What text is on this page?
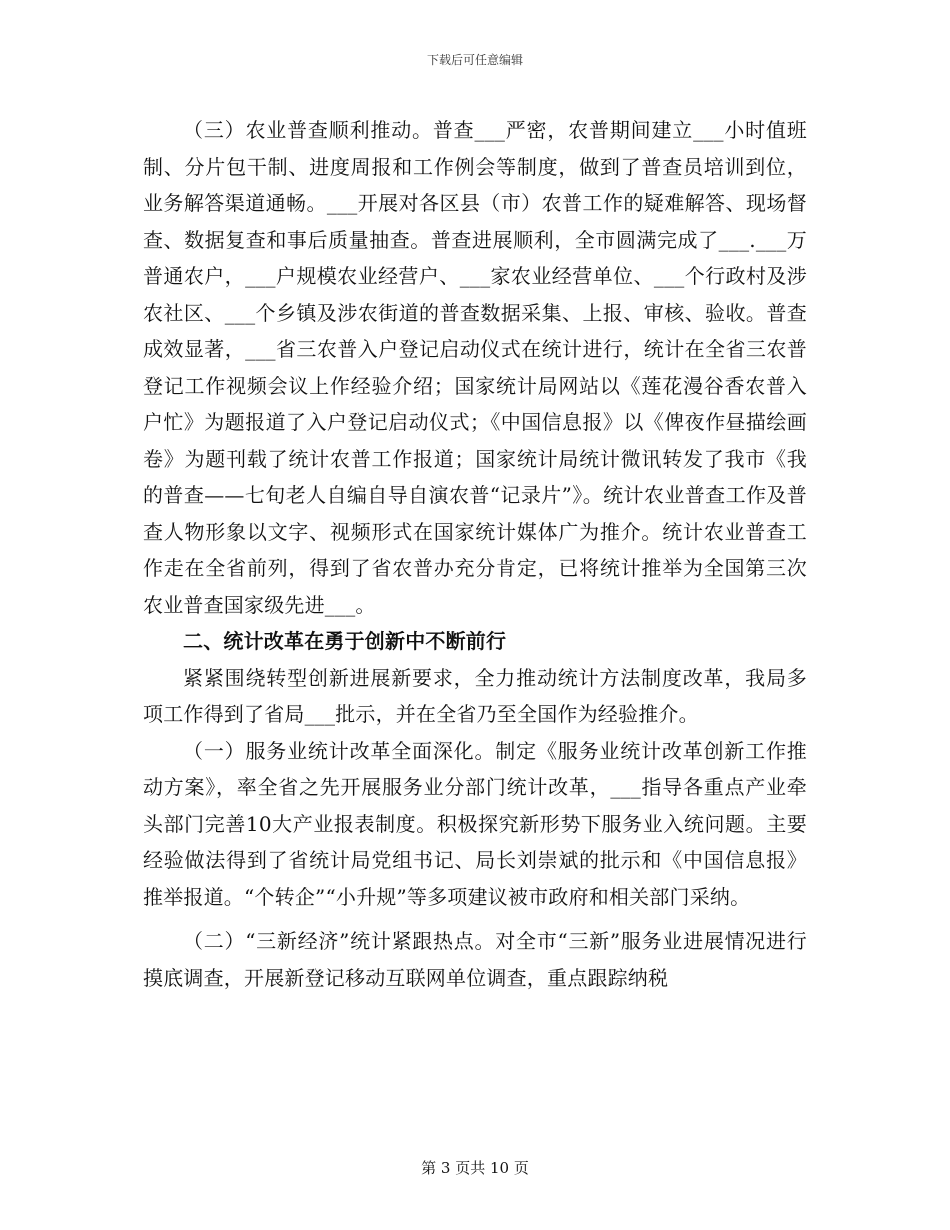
下载后可任意编辑

（三）农业普查顺利推动。普查___严密，农普期间建立___小时值班制、分片包干制、进度周报和工作例会等制度，做到了普查员培训到位，业务解答渠道通畅。___开展对各区县（市）农普工作的疑难解答、现场督查、数据复查和事后质量抽查。普查进展顺利，全市圆满完成了___.___万普通农户，___户规模农业经营户、___家农业经营单位、___个行政村及涉农社区、___个乡镇及涉农街道的普查数据采集、上报、审核、验收。普查成效显著，___省三农普入户登记启动仪式在统计进行，统计在全省三农普登记工作视频会议上作经验介绍；国家统计局网站以《莲花漫谷香农普入户忙》为题报道了入户登记启动仪式；《中国信息报》以《俾夜作昼描绘画卷》为题刊载了统计农普工作报道；国家统计局统计微讯转发了我市《我的普查——七旬老人自编自导自演农普“记录片”》。统计农业普查工作及普查人物形象以文字、视频形式在国家统计媒体广为推介。统计农业普查工作走在全省前列，得到了省农普办充分肯定，已将统计推举为全国第三次农业普查国家级先进___。

二、统计改革在勇于创新中不断前行

紧紧围绕转型创新进展新要求，全力推动统计方法制度改革，我局多项工作得到了省局___批示，并在全省乃至全国作为经验推介。

（一）服务业统计改革全面深化。制定《服务业统计改革创新工作推动方案》，率全省之先开展服务业分部门统计改革，___指导各重点产业牵头部门完善10大产业报表制度。积极探究新形势下服务业入统问题。主要经验做法得到了省统计局党组书记、局长刘崇斌的批示和《中国信息报》推举报道。“个转企”“小升规”等多项建议被市政府和相关部门采纳。

（二）“三新经济”统计紧跟热点。对全市“三新”服务业进展情况进行摸底调查，开展新登记移动互联网单位调查，重点跟踪纳税

第 3 页共 10 页
